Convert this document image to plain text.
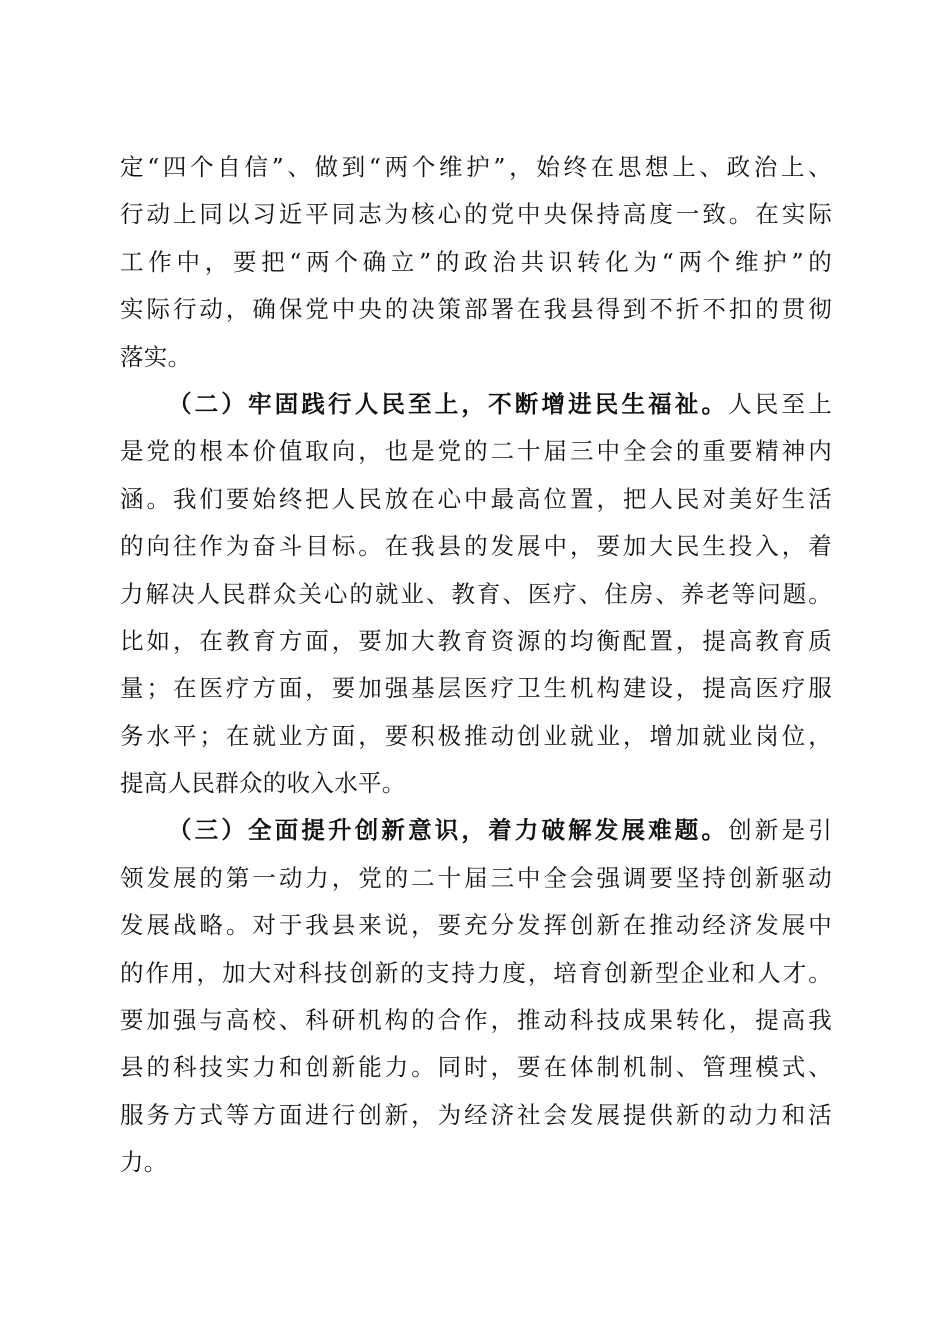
定“四个自信”、做到“两个维护”，始终在思想上、政治上、
行动上同以习近平同志为核心的党中央保持高度一致。在实际
工作中，要把“两个确立”的政治共识转化为“两个维护”的
实际行动，确保党中央的决策部署在我县得到不折不扣的贯彻
落实。
（二）牢固践行人民至上，不断增进民生福祉。人民至上
是党的根本价值取向，也是党的二十届三中全会的重要精神内
涵。我们要始终把人民放在心中最高位置，把人民对美好生活
的向往作为奋斗目标。在我县的发展中，要加大民生投入，着
力解决人民群众关心的就业、教育、医疗、住房、养老等问题。
比如，在教育方面，要加大教育资源的均衡配置，提高教育质
量；在医疗方面，要加强基层医疗卫生机构建设，提高医疗服
务水平；在就业方面，要积极推动创业就业，增加就业岗位，
提高人民群众的收入水平。
（三）全面提升创新意识，着力破解发展难题。创新是引
领发展的第一动力，党的二十届三中全会强调要坚持创新驱动
发展战略。对于我县来说，要充分发挥创新在推动经济发展中
的作用，加大对科技创新的支持力度，培育创新型企业和人才。
要加强与高校、科研机构的合作，推动科技成果转化，提高我
县的科技实力和创新能力。同时，要在体制机制、管理模式、
服务方式等方面进行创新，为经济社会发展提供新的动力和活
力。
